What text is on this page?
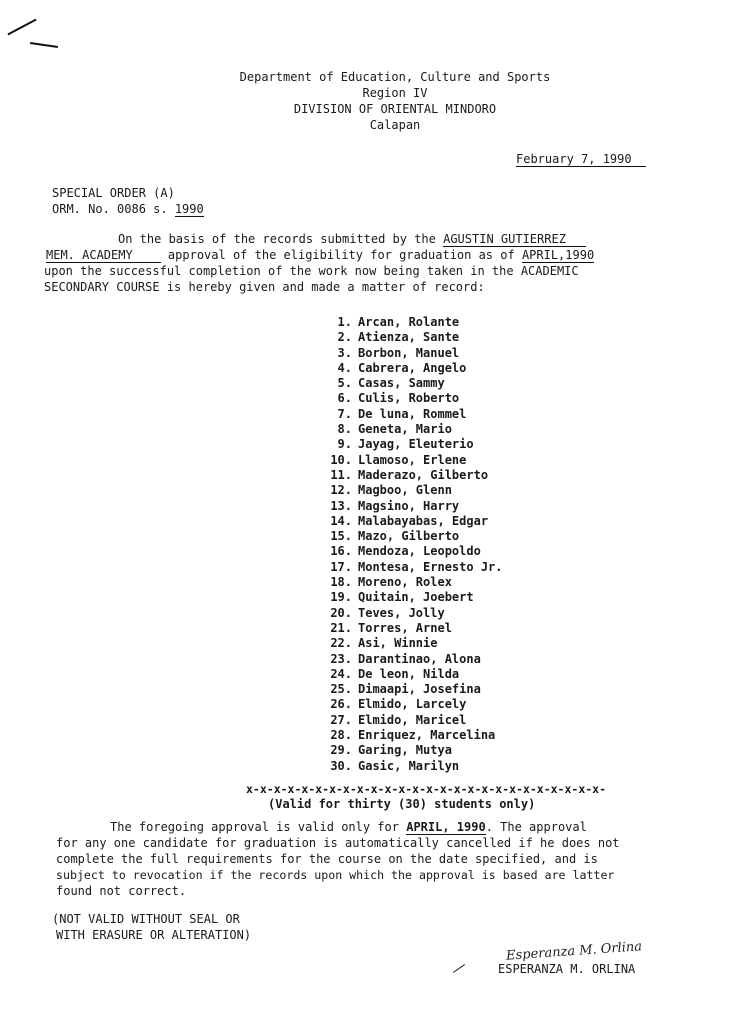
Department of Education, Culture and Sports
Region IV
DIVISION OF ORIENTAL MINDORO
Calapan
February 7, 1990
SPECIAL ORDER (A)
ORM. No. 0086 s. 1990
On the basis of the records submitted by the AGUSTIN GUTIERREZ
MEM. ACADEMY approval of the eligibility for graduation as of APRIL,1990
upon the successful completion of the work now being taken in the ACADEMIC
SECONDARY COURSE is hereby given and made a matter of record:
1. Arcan, Rolante
2. Atienza, Sante
3. Borbon, Manuel
4. Cabrera, Angelo
5. Casas, Sammy
6. Culis, Roberto
7. De luna, Rommel
8. Geneta, Mario
9. Jayag, Eleuterio
10. Llamoso, Erlene
11. Maderazo, Gilberto
12. Magboo, Glenn
13. Magsino, Harry
14. Malabayabas, Edgar
15. Mazo, Gilberto
16. Mendoza, Leopoldo
17. Montesa, Ernesto Jr.
18. Moreno, Rolex
19. Quitain, Joebert
20. Teves, Jolly
21. Torres, Arnel
22. Asi, Winnie
23. Darantinao, Alona
24. De leon, Nilda
25. Dimaapi, Josefina
26. Elmido, Larcely
27. Elmido, Maricel
28. Enriquez, Marcelina
29. Garing, Mutya
30. Gasic, Marilyn
x-x-x-x-x-x-x-x-x-x-x-x-x-x-x-x-x-x-x-x-x-x-x-x-x-x-
(Valid for thirty (30) students only)
The foregoing approval is valid only for APRIL, 1990. The approval
for any one candidate for graduation is automatically cancelled if he does not
complete the full requirements for the course on the date specified, and is
subject to revocation if the records upon which the approval is based are latter
found not correct.
(NOT VALID WITHOUT SEAL OR
WITH ERASURE OR ALTERATION)
Esperanza M. Orlina
ESPERANZA M. ORLINA
